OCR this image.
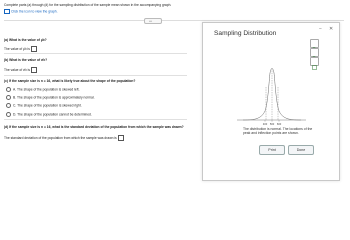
Complete parts (a) through (d) for the sampling distribution of the sample mean shown in the accompanying graph.
Click the icon to view the graph.
•••
(a) What is the value of μ̄x?
The value of μ̄x is
(b) What is the value of σ̄x?
The value of σ̄x is
(c) If the sample size is n = 16, what is likely true about the shape of the population?
A. The shape of the population is skewed left.
B. The shape of the population is approximately normal.
C. The shape of the population is skewed right.
D. The shape of the population cannot be determined.
(d) If the sample size is n = 16, what is the standard deviation of the population from which the sample was drawn?
The standard deviation of the population from which the sample was drawn is
Sampling Distribution
− ✕
400 500 600
The distribution is normal. The locations of the
peak and inflection points are shown.
Print	Done
